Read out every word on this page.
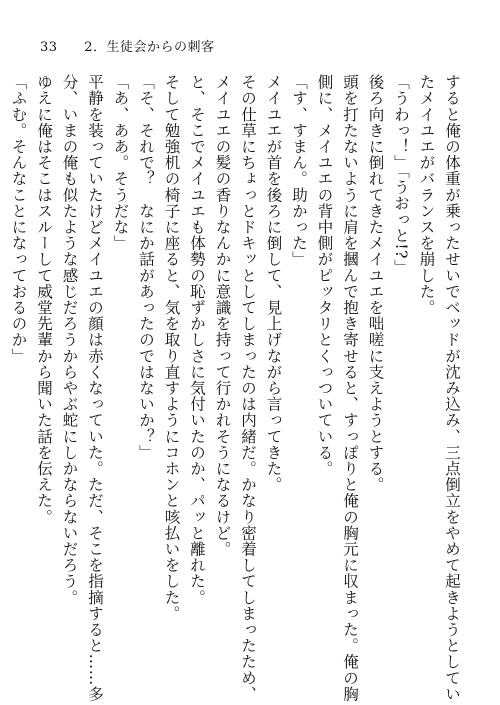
33 2．生徒会からの刺客
すると俺の体重が乗ったせいでベッドが沈み込み、三点倒立をやめて起きようとしてい
たメイユエがバランスを崩した。
「うわっ！」「うおっと!?」
後ろ向きに倒れてきたメイユエを咄嗟に支えようとする。
頭を打たないように肩を摑んで抱き寄せると、すっぽりと俺の胸元に収まった。俺の胸
側に、メイユエの背中側がピッタリとくっついている。
「す、すまん。助かった」
メイユエが首を後ろに倒して、見上げながら言ってきた。
その仕草にちょっとドキッとしてしまったのは内緒だ。かなり密着してしまったため、
メイユエの髪の香りなんかに意識を持って行かれそうになるけど。
と、そこでメイユエも体勢の恥ずかしさに気付いたのか、パッと離れた。
そして勉強机の椅子に座ると、気を取り直すようにコホンと咳払いをした。
「そ、それで？　なにか話があったのではないか？」
「あ、ああ。そうだな」
平静を装っていたけどメイユエの顔は赤くなっていた。ただ、そこを指摘すると……多
分、いまの俺も似たような感じだろうからやぶ蛇にしかならないだろう。
ゆえに俺はそこはスルーして威堂先輩から聞いた話を伝えた。
「ふむ。そんなことになっておるのか」
